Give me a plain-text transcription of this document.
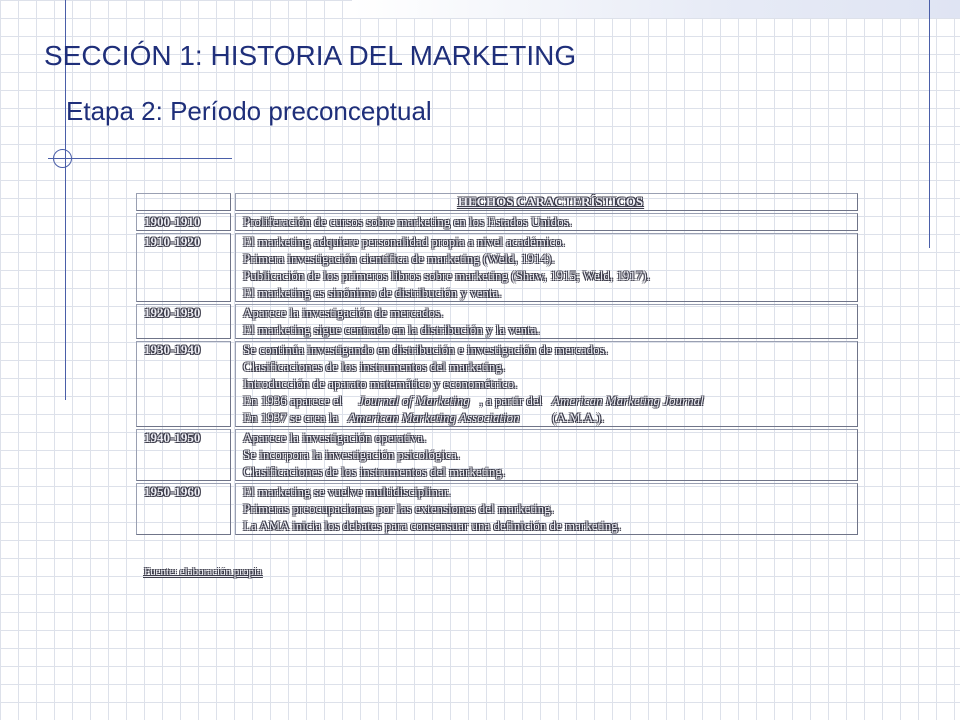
SECCIÓN 1: HISTORIA DEL MARKETING
Etapa 2: Período preconceptual

HECHOS CARACTERÍSTICOS
1900-1910	Proliferación de cursos sobre marketing en los Estados Unidos.
1910-1920	El marketing adquiere personalidad propia a nivel académico.
Primera investigación científica de marketing (Weld, 1914).
Publicación de los primeros libros sobre marketing (Shaw, 1915; Weld, 1917).
El marketing es sinónimo de distribución y venta.
1920-1930	Aparece la investigación de mercados.
El marketing sigue centrado en la distribución y la venta.
1930-1940	Se continúa investigando en distribución e investigación de mercados.
Clasificaciones de los instrumentos del marketing.
Introducción de aparato matemático y econométrico.
En 1936 aparece el Journal of Marketing , a partir del American Marketing Journal
En 1937 se crea la American Marketing Association	(A.M.A.).
1940-1950	Aparece la investigación operativa.
Se incorpora la investigación psicológica.
Clasificaciones de los instrumentos del marketing.
1950-1960	El marketing se vuelve multidisciplinar.
Primeras preocupaciones por las extensiones del marketing.
La AMA inicia los debates para consensuar una definición de marketing.
Fuente: elaboración propia
